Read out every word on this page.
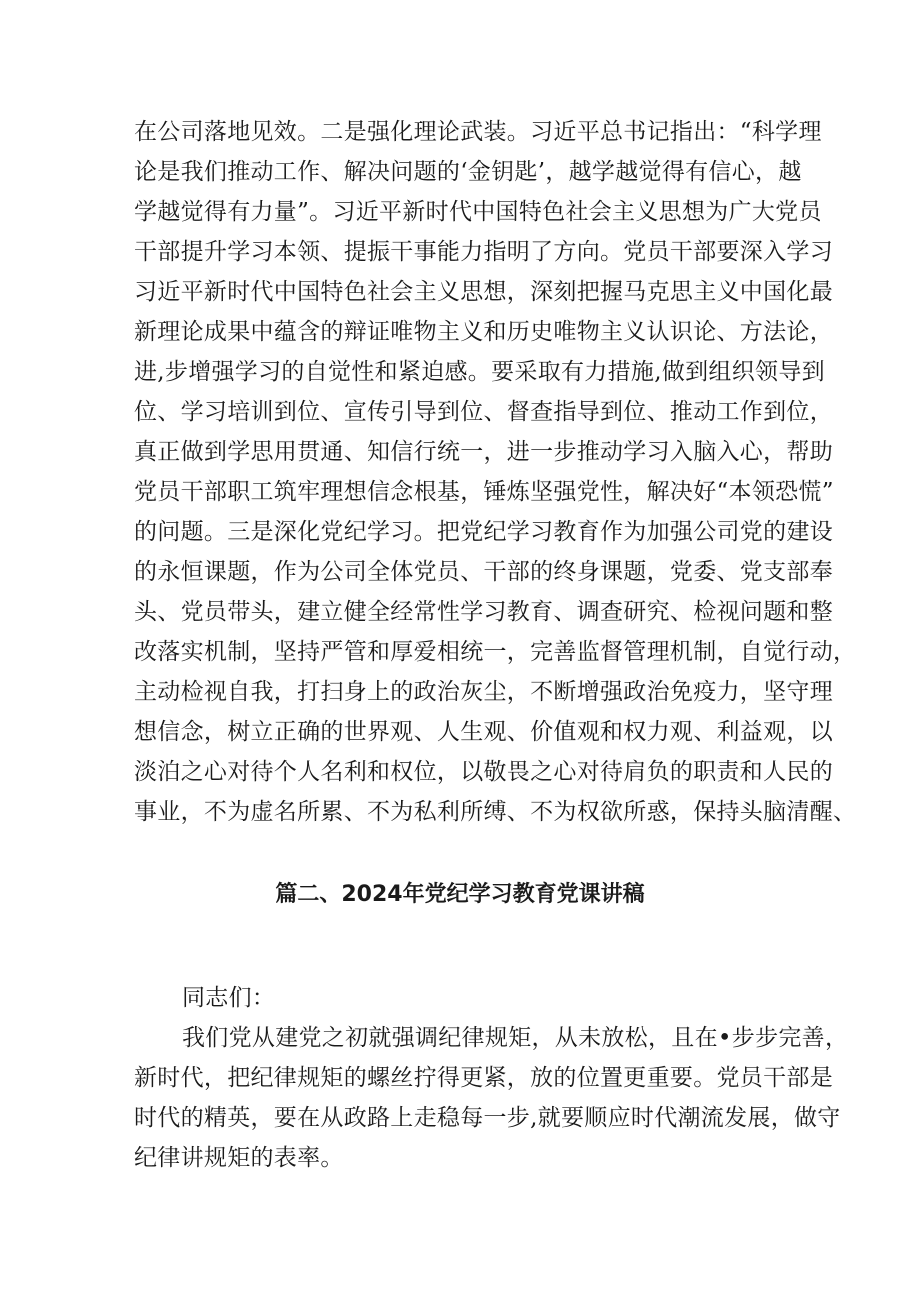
在公司落地见效。二是强化理论武装。习近平总书记指出：“科学理
论是我们推动工作、解决问题的‘金钥匙’，越学越觉得有信心，越
学越觉得有力量”。习近平新时代中国特色社会主义思想为广大党员
干部提升学习本领、提振干事能力指明了方向。党员干部要深入学习
习近平新时代中国特色社会主义思想，深刻把握马克思主义中国化最
新理论成果中蕴含的辩证唯物主义和历史唯物主义认识论、方法论，
进,步增强学习的自觉性和紧迫感。要采取有力措施,做到组织领导到
位、学习培训到位、宣传引导到位、督查指导到位、推动工作到位，
真正做到学思用贯通、知信行统一，进一步推动学习入脑入心，帮助
党员干部职工筑牢理想信念根基，锤炼坚强党性，解决好“本领恐慌”
的问题。三是深化党纪学习。把党纪学习教育作为加强公司党的建设
的永恒课题，作为公司全体党员、干部的终身课题，党委、党支部奉
头、党员带头，建立健全经常性学习教育、调查研究、检视问题和整
改落实机制，坚持严管和厚爱相统一，完善监督管理机制，自觉行动，
主动检视自我，打扫身上的政治灰尘，不断增强政治免疫力，坚守理
想信念，树立正确的世界观、人生观、价值观和权力观、利益观，以
淡泊之心对待个人名利和权位，以敬畏之心对待肩负的职责和人民的
事业，不为虚名所累、不为私利所缚、不为权欲所惑，保持头脑清醒、
篇二、2024年党纪学习教育党课讲稿
同志们：
我们党从建党之初就强调纪律规矩，从未放松，且在•步步完善，
新时代，把纪律规矩的螺丝拧得更紧，放的位置更重要。党员干部是
时代的精英，要在从政路上走稳每一步,就要顺应时代潮流发展，做守
纪律讲规矩的表率。
